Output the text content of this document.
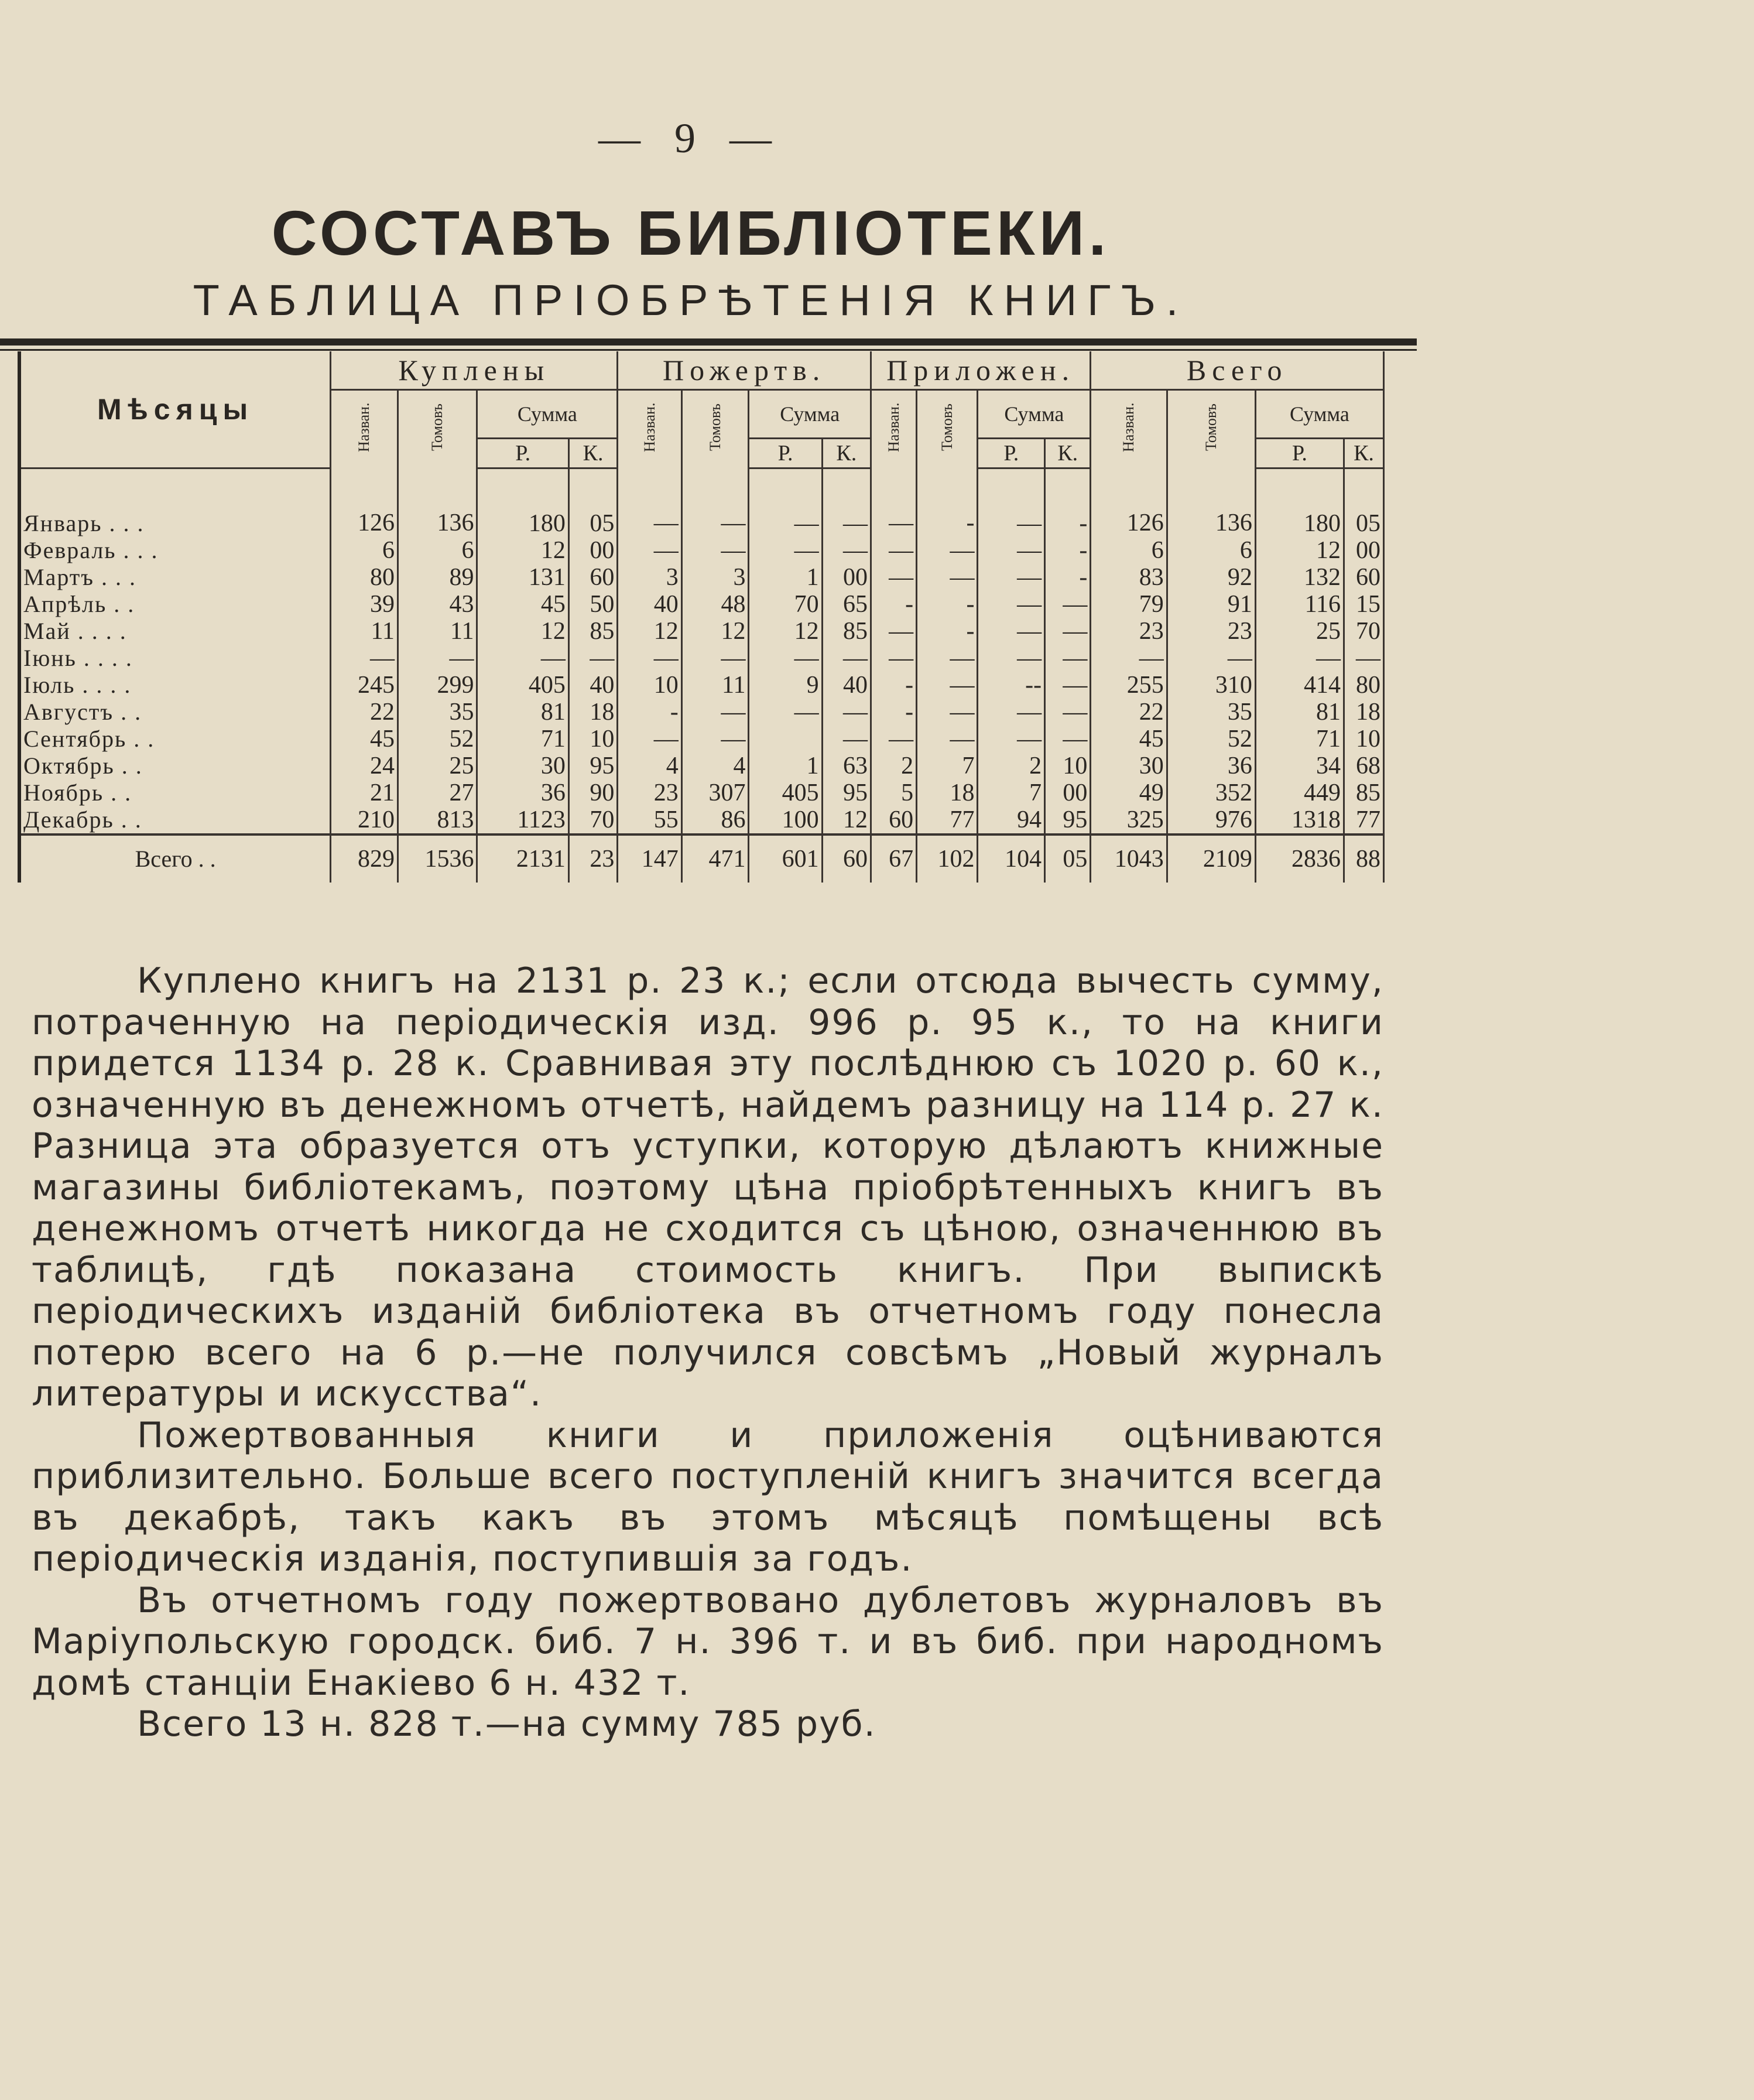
— 9 —
СОСТАВЪ БИБЛІОТЕКИ.
ТАБЛИЦА ПРІОБРѢТЕНІЯ КНИГЪ.
Мѣсяцы	Куплены				Пожертв.				Приложен.				Всего			
	Назван.	Томовъ	Сумма		Назван.	Томовъ	Сумма		Назван.	Томовъ	Сумма		Назван.	Томовъ	Сумма	
			Р.	К.			Р.	К.			Р.	К.			Р.	К.
Январь . . .	126	136	180	05	—	—	—	—	—	-	—	-	126	136	180	05
Февраль . . .	6	6	12	00	—	—	—	—	—	—	—	-	6	6	12	00
Мартъ . . .	80	89	131	60	3	3	1	00	—	—	—	-	83	92	132	60
Апрѣль . .	39	43	45	50	40	48	70	65	-	-	—	—	79	91	116	15
Май . . . .	11	11	12	85	12	12	12	85	—	-	—	—	23	23	25	70
Іюнь . . . .	—	—	—	—	—	—	—	—	—	—	—	—	—	—	—	—
Іюль . . . .	245	299	405	40	10	11	9	40	-	—	--	—	255	310	414	80
Августъ . .	22	35	81	18	-	—	—	—	-	—	—	—	22	35	81	18
Сентябрь . .	45	52	71	10	—	—		—	—	—	—	—	45	52	71	10
Октябрь . .	24	25	30	95	4	4	1	63	2	7	2	10	30	36	34	68
Ноябрь . .	21	27	36	90	23	307	405	95	5	18	7	00	49	352	449	85
Декабрь . .	210	813	1123	70	55	86	100	12	60	77	94	95	325	976	1318	77
Всего . .	829	1536	2131	23	147	471	601	60	67	102	104	05	1043	2109	2836	88

Куплено книгъ на 2131 р. 23 к.; если отсюда вычесть сумму, потраченную на періодическія изд. 996 р. 95 к., то на книги придется 1134 р. 28 к. Сравнивая эту послѣднюю съ 1020 р. 60 к., означенную въ денежномъ отчетѣ, найдемъ разницу на 114 р. 27 к. Разница эта образуется отъ уступки, которую дѣлаютъ книжные магазины библіотекамъ, поэтому цѣна пріобрѣтенныхъ книгъ въ денежномъ отчетѣ никогда не сходится съ цѣною, означеннюю въ таблицѣ, гдѣ показана стоимость книгъ. При выпискѣ періодическихъ изданій библіотека въ отчетномъ году понесла потерю всего на 6 р.—не получился совсѣмъ „Новый журналъ литературы и искусства“.

Пожертвованныя книги и приложенія оцѣниваются приблизительно. Больше всего поступленій книгъ значится всегда въ декабрѣ, такъ какъ въ этомъ мѣсяцѣ помѣщены всѣ періодическія изданія, поступившія за годъ.

Въ отчетномъ году пожертвовано дублетовъ журналовъ въ Маріупольскую городск. биб. 7 н. 396 т. и въ биб. при народномъ домѣ станціи Енакіево 6 н. 432 т.

Всего 13 н. 828 т.—на сумму 785 руб.
